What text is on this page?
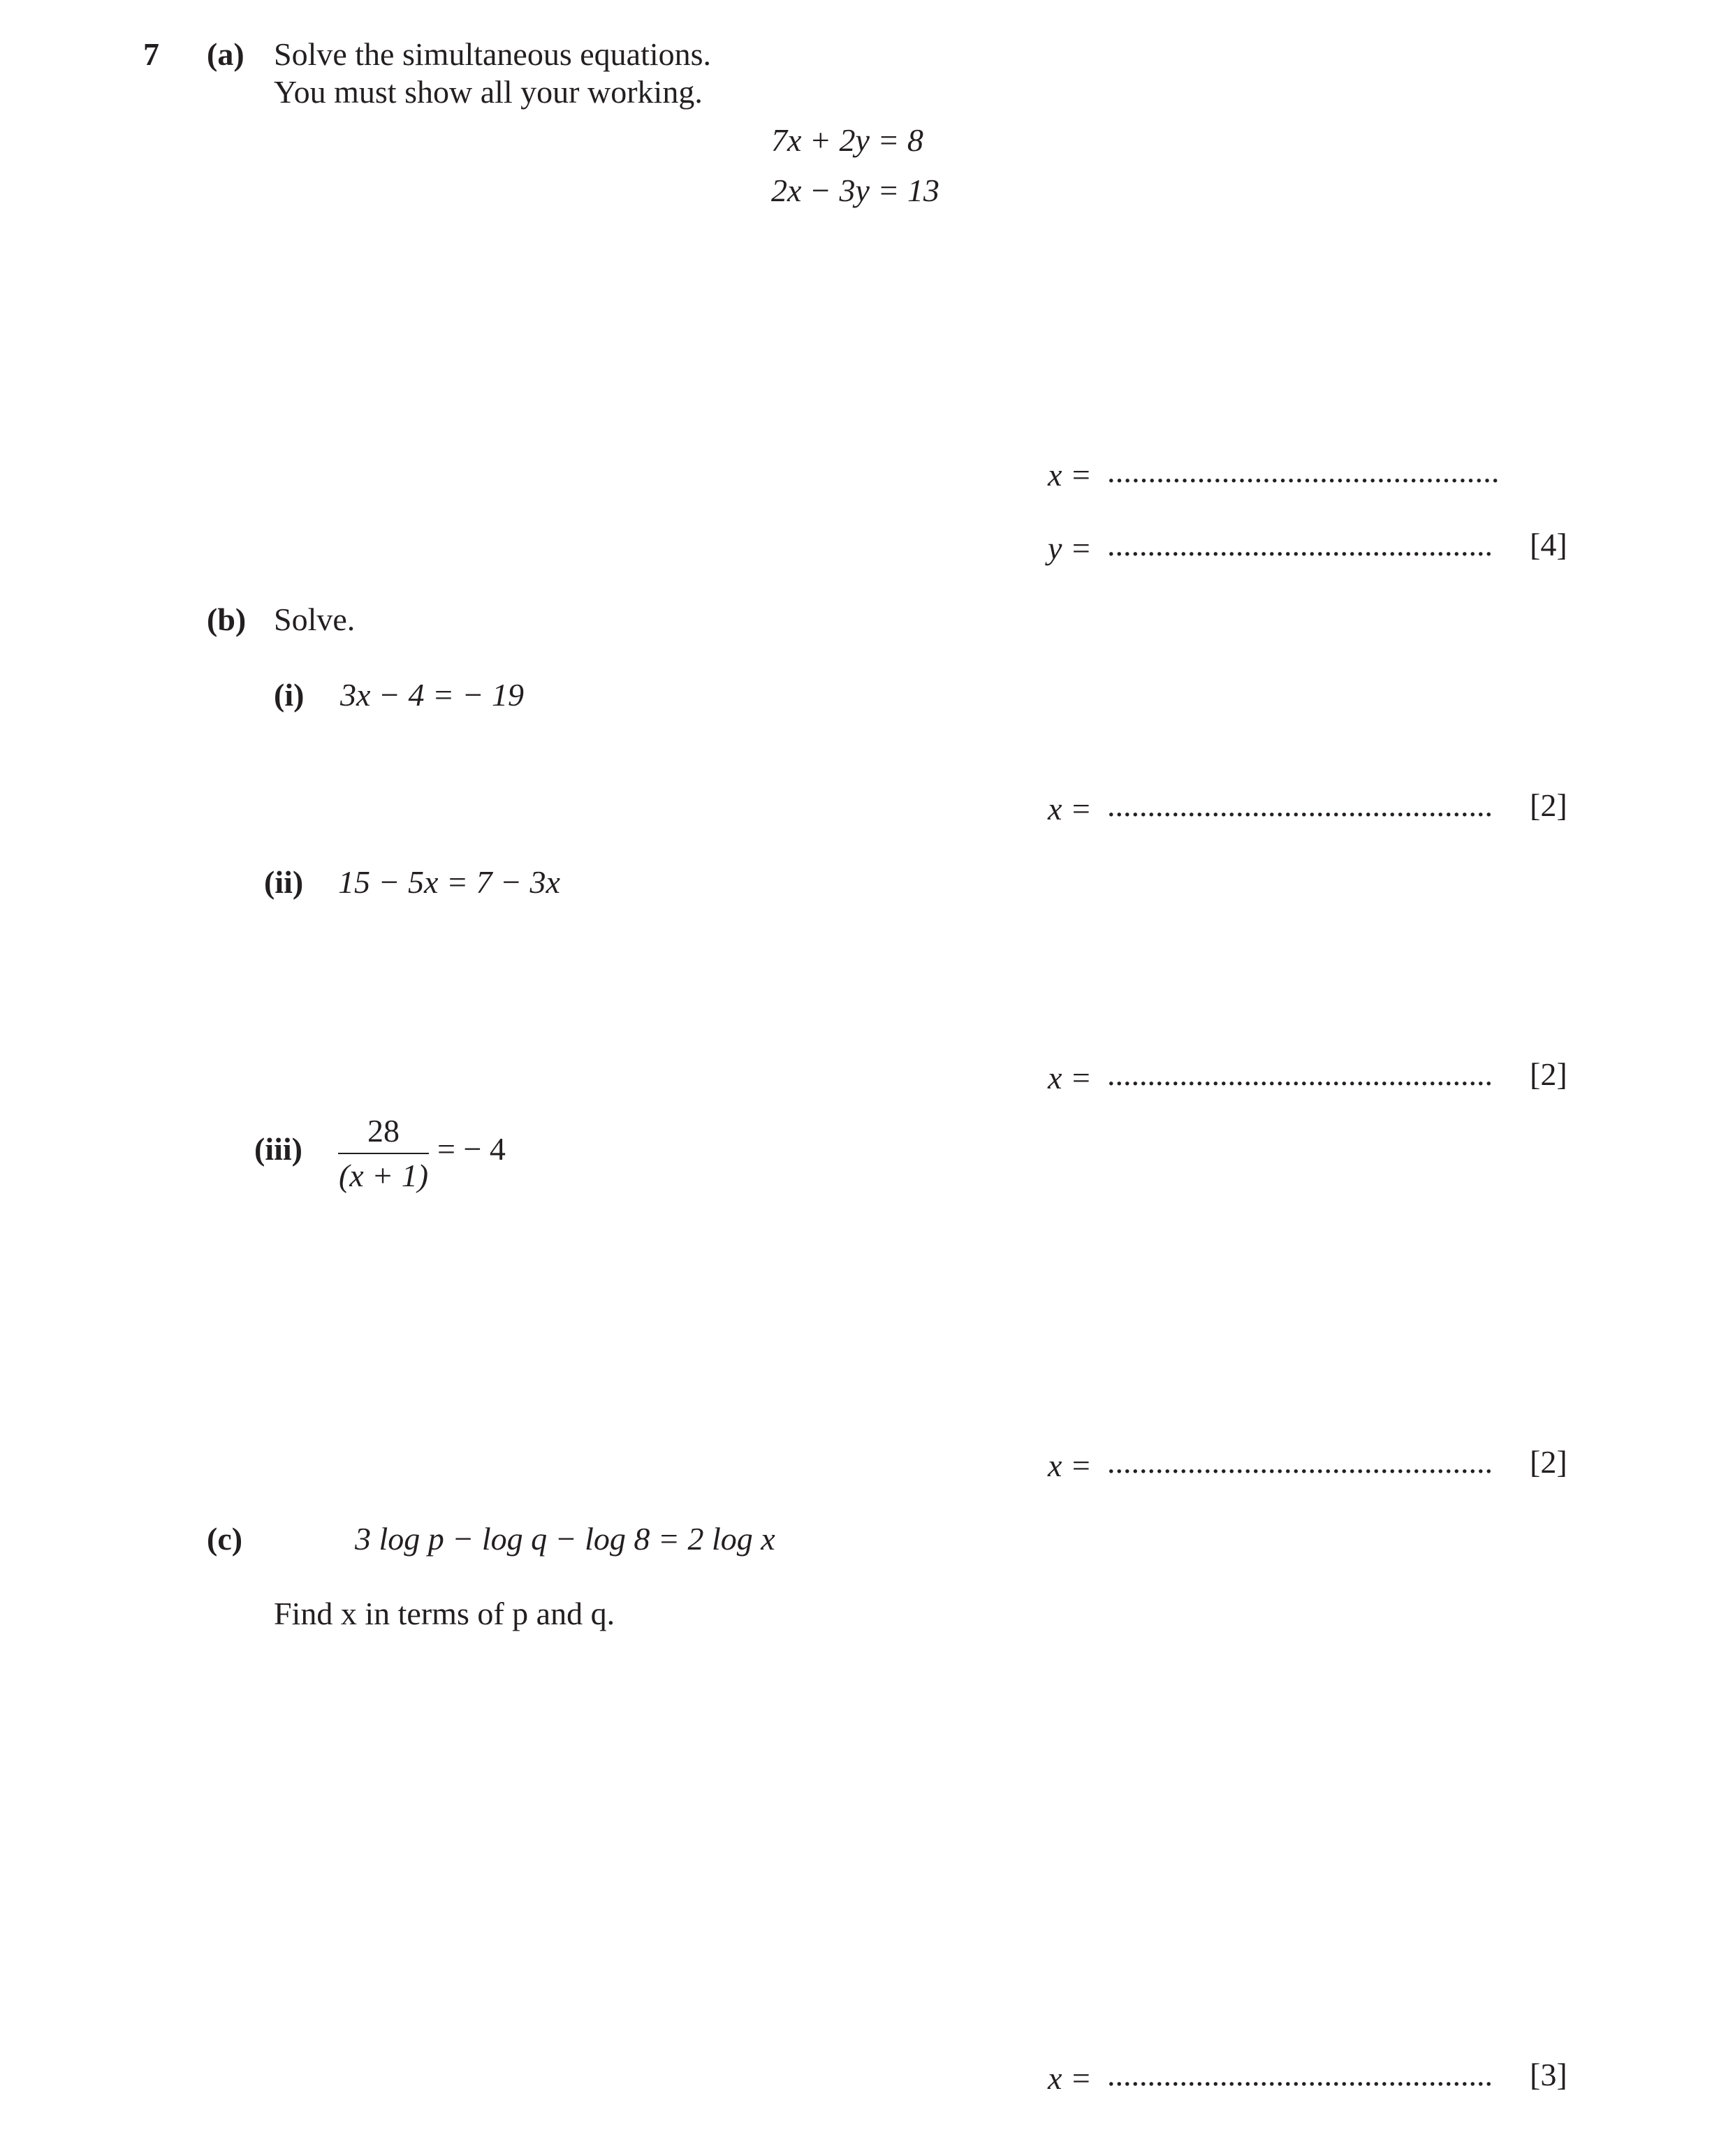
7 (a) Solve the simultaneous equations.
You must show all your working.
7x + 2y = 8
2x − 3y = 13
x = ................................................
y = ................................................ [4]
(b) Solve.
(i) 3x − 4 = − 19
x = ................................................ [2]
(ii) 15 − 5x = 7 − 3x
x = ................................................ [2]
(iii)
28
(x + 1)
= − 4
x = ................................................ [2]
(c)	3 log p − log q − log 8 = 2 log x
Find x in terms of p and q.
x = ................................................ [3]
